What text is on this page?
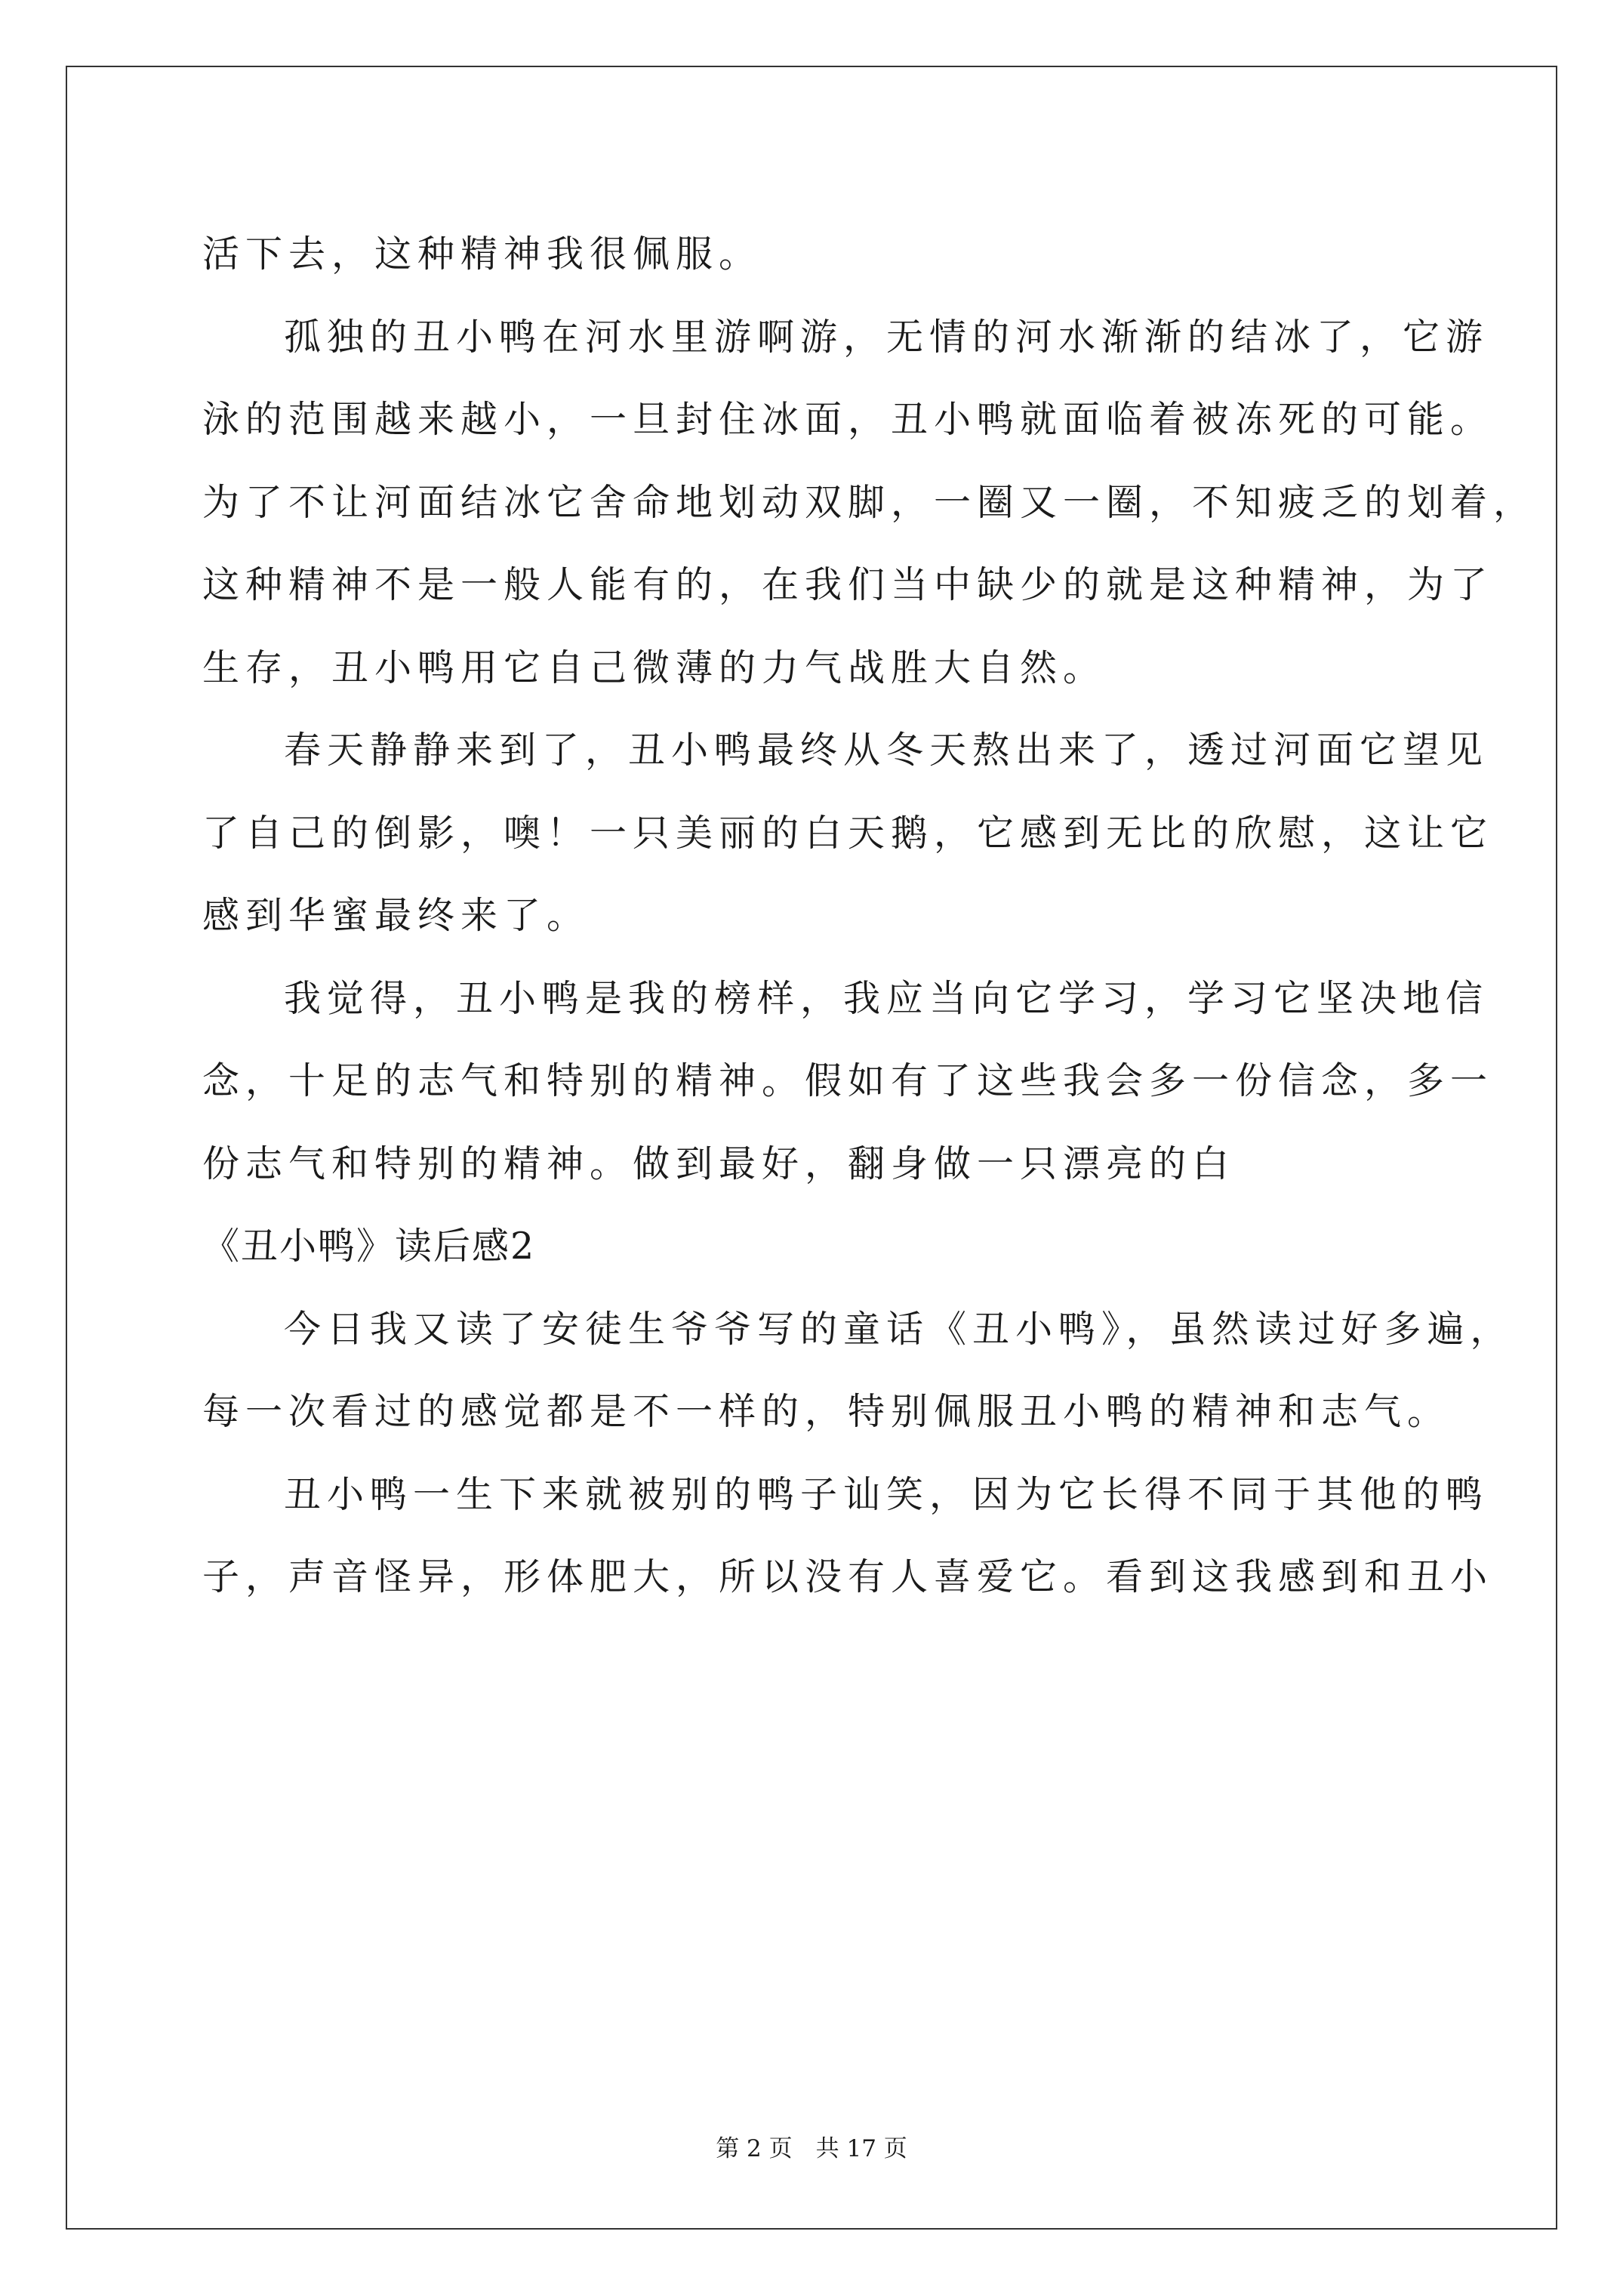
活下去，这种精神我很佩服。
孤独的丑小鸭在河水里游啊游，无情的河水渐渐的结冰了，它游
泳的范围越来越小，一旦封住冰面，丑小鸭就面临着被冻死的可能。
为了不让河面结冰它舍命地划动双脚，一圈又一圈，不知疲乏的划着，
这种精神不是一般人能有的，在我们当中缺少的就是这种精神，为了
生存，丑小鸭用它自己微薄的力气战胜大自然。
春天静静来到了，丑小鸭最终从冬天熬出来了，透过河面它望见
了自己的倒影，噢！一只美丽的白天鹅，它感到无比的欣慰，这让它
感到华蜜最终来了。
我觉得，丑小鸭是我的榜样，我应当向它学习，学习它坚决地信
念，十足的志气和特别的精神。假如有了这些我会多一份信念，多一
份志气和特别的精神。做到最好，翻身做一只漂亮的白
《丑小鸭》读后感2
今日我又读了安徒生爷爷写的童话《丑小鸭》，虽然读过好多遍，
每一次看过的感觉都是不一样的，特别佩服丑小鸭的精神和志气。
丑小鸭一生下来就被别的鸭子讪笑，因为它长得不同于其他的鸭
子，声音怪异，形体肥大，所以没有人喜爱它。看到这我感到和丑小
第 2 页　共 17 页
